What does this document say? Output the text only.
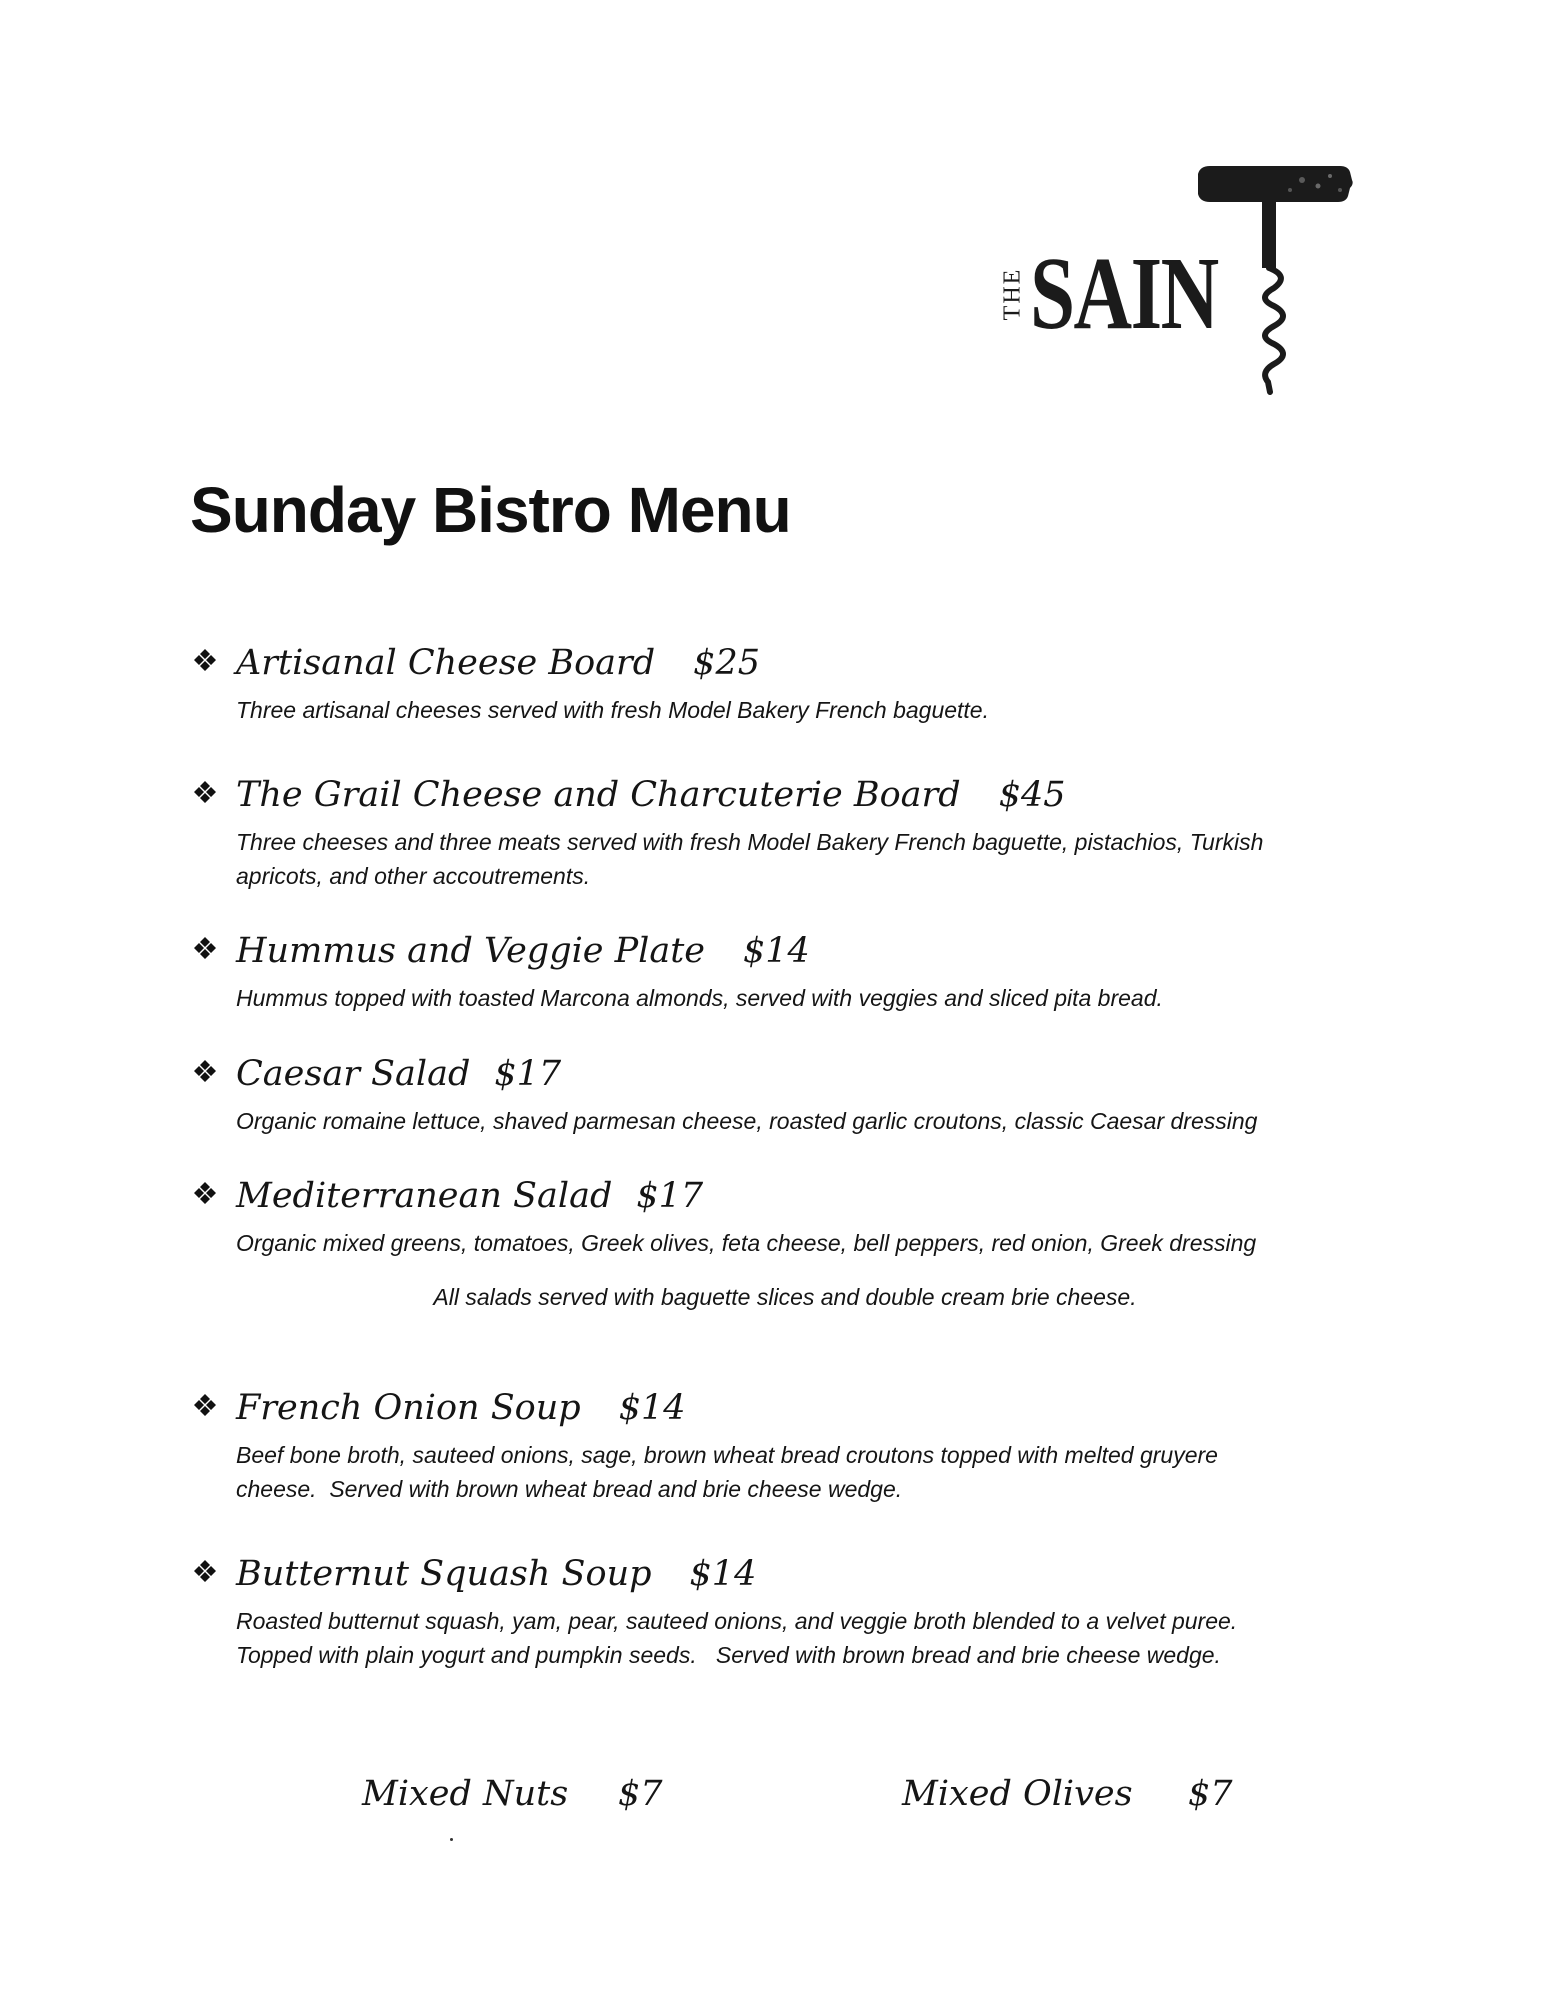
THE SAIN
Sunday Bistro Menu
Artisanal Cheese Board $25

Three artisanal cheeses served with fresh Model Bakery French baguette.

The Grail Cheese and Charcuterie Board $45

Three cheeses and three meats served with fresh Model Bakery French baguette, pistachios, Turkish

apricots, and other accoutrements.

Hummus and Veggie Plate $14

Hummus topped with toasted Marcona almonds, served with veggies and sliced pita bread.

Caesar Salad $17

Organic romaine lettuce, shaved parmesan cheese, roasted garlic croutons, classic Caesar dressing

Mediterranean Salad $17

Organic mixed greens, tomatoes, Greek olives, feta cheese, bell peppers, red onion, Greek dressing

All salads served with baguette slices and double cream brie cheese.

French Onion Soup $14

Beef bone broth, sauteed onions, sage, brown wheat bread croutons topped with melted gruyere

cheese.  Served with brown wheat bread and brie cheese wedge.

Butternut Squash Soup $14

Roasted butternut squash, yam, pear, sauteed onions, and veggie broth blended to a velvet puree.

Topped with plain yogurt and pumpkin seeds.   Served with brown bread and brie cheese wedge.

Mixed Nuts $7	Mixed Olives $7
